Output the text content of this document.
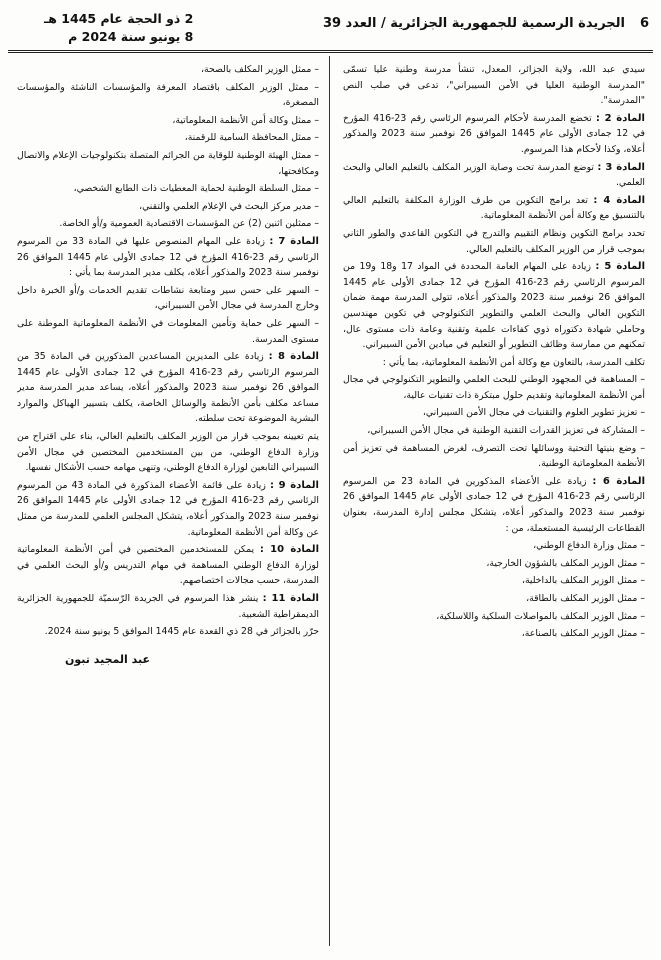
6
الجريدة الرسمية للجمهورية الجزائرية / العدد 39
2 ذو الحجة عام 1445 هـ
8 يونيو سنة 2024 م

سيدي عبد الله، ولاية الجزائر، المعدل، تنشأ مدرسة وطنية عليا تسمّى "المدرسة الوطنية العليا في الأمن السيبراني"، تدعى في صلب النص "المدرسة".

المادة 2 : تخضع المدرسة لأحكام المرسوم الرئاسي رقم 23-416 المؤرخ في 12 جمادى الأولى عام 1445 الموافق 26 نوفمبر سنة 2023 والمذكور أعلاه، وكذا لأحكام هذا المرسوم.

المادة 3 : توضع المدرسة تحت وصاية الوزير المكلف بالتعليم العالي والبحث العلمي.

المادة 4 : تعد برامج التكوين من طرف الوزارة المكلفة بالتعليم العالي بالتنسيق مع وكالة أمن الأنظمة المعلوماتية.

تحدد برامج التكوين ونظام التقييم والتدرج في التكوين القاعدي والطور الثاني بموجب قرار من الوزير المكلف بالتعليم العالي.

المادة 5 : زيادة على المهام العامة المحددة في المواد 17 و18 و19 من المرسوم الرئاسي رقم 23-416 المؤرخ في 12 جمادى الأولى عام 1445 الموافق 26 نوفمبر سنة 2023 والمذكور أعلاه، تتولى المدرسة مهمة ضمان التكوين العالي والبحث العلمي والتطوير التكنولوجي في تكوين مهندسين وحاملي شهادة دكتوراه ذوي كفاءات علمية وتقنية وعامة ذات مستوى عال، تمكنهم من ممارسة وظائف التطوير أو التعليم في ميادين الأمن السيبراني.

تكلف المدرسة، بالتعاون مع وكالة أمن الأنظمة المعلوماتية، بما يأتي :

– المساهمة في المجهود الوطني للبحث العلمي والتطوير التكنولوجي في مجال أمن الأنظمة المعلوماتية وتقديم حلول مبتكرة ذات تقنيات عالية،

– تعزيز تطوير العلوم والتقنيات في مجال الأمن السيبراني،

– المشاركة في تعزيز القدرات التقنية الوطنية في مجال الأمن السيبراني،

– وضع بنيتها التحتية ووسائلها تحت التصرف، لغرض المساهمة في تعزيز أمن الأنظمة المعلوماتية الوطنية.

المادة 6 : زيادة على الأعضاء المذكورين في المادة 23 من المرسوم الرئاسي رقم 23-416 المؤرخ في 12 جمادى الأولى عام 1445 الموافق 26 نوفمبر سنة 2023 والمذكور أعلاه، يتشكل مجلس إدارة المدرسة، بعنوان القطاعات الرئيسية المستعملة، من :

– ممثل وزارة الدفاع الوطني،

– ممثل الوزير المكلف بالشؤون الخارجية،

– ممثل الوزير المكلف بالداخلية،

– ممثل الوزير المكلف بالطاقة،

– ممثل الوزير المكلف بالمواصلات السلكية واللاسلكية،

– ممثل الوزير المكلف بالصناعة،

– ممثل الوزير المكلف بالصحة،

– ممثل الوزير المكلف باقتصاد المعرفة والمؤسسات الناشئة والمؤسسات المصغرة،

– ممثل وكالة أمن الأنظمة المعلوماتية،

– ممثل المحافظة السامية للرقمنة،

– ممثل الهيئة الوطنية للوقاية من الجرائم المتصلة بتكنولوجيات الإعلام والاتصال ومكافحتها،

– ممثل السلطة الوطنية لحماية المعطيات ذات الطابع الشخصي،

– مدير مركز البحث في الإعلام العلمي والتقني،

– ممثلين اثنين (2) عن المؤسسات الاقتصادية العمومية و/أو الخاصة.

المادة 7 : زيادة على المهام المنصوص عليها في المادة 33 من المرسوم الرئاسي رقم 23-416 المؤرخ في 12 جمادى الأولى عام 1445 الموافق 26 نوفمبر سنة 2023 والمذكور أعلاه، يكلف مدير المدرسة بما يأتي :

– السهر على حسن سير ومتابعة نشاطات تقديم الخدمات و/أو الخبرة داخل وخارج المدرسة في مجال الأمن السيبراني،

– السهر على حماية وتأمين المعلومات في الأنظمة المعلوماتية الموطنة على مستوى المدرسة.

المادة 8 : زيادة على المديرين المساعدين المذكورين في المادة 35 من المرسوم الرئاسي رقم 23-416 المؤرخ في 12 جمادى الأولى عام 1445 الموافق 26 نوفمبر سنة 2023 والمذكور أعلاه، يساعد مدير المدرسة مدير مساعد مكلف بأمن الأنظمة والوسائل الخاصة، يكلف بتسيير الهياكل والموارد البشرية الموضوعة تحت سلطته.

يتم تعيينه بموجب قرار من الوزير المكلف بالتعليم العالي، بناء على اقتراح من وزارة الدفاع الوطني، من بين المستخدمين المختصين في مجال الأمن السيبراني التابعين لوزارة الدفاع الوطني، وتنهى مهامه حسب الأشكال نفسها.

المادة 9 : زيادة على قائمة الأعضاء المذكورة في المادة 43 من المرسوم الرئاسي رقم 23-416 المؤرخ في 12 جمادى الأولى عام 1445 الموافق 26 نوفمبر سنة 2023 والمذكور أعلاه، يتشكل المجلس العلمي للمدرسة من ممثل عن وكالة أمن الأنظمة المعلوماتية.

المادة 10 : يمكن للمستخدمين المختصين في أمن الأنظمة المعلوماتية لوزارة الدفاع الوطني المساهمة في مهام التدريس و/أو البحث العلمي في المدرسة، حسب مجالات اختصاصهم.

المادة 11 : ينشر هذا المرسوم في الجريدة الرّسميّة للجمهورية الجزائرية الديمقراطية الشعبية.

حرّر بالجزائر في 28 ذي القعدة عام 1445 الموافق 5 يونيو سنة 2024.

عبد المجيد تبون
